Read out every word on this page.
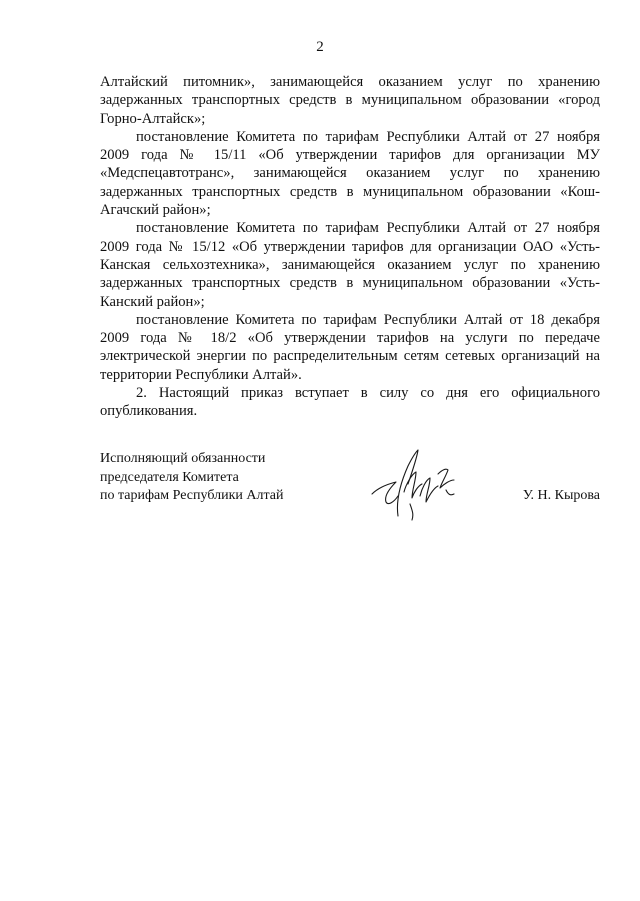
2

Алтайский питомник», занимающейся оказанием услуг по хранению задержанных транспортных средств в муниципальном образовании «город Горно-Алтайск»;

постановление Комитета по тарифам Республики Алтай от 27 ноября 2009 года № 15/11 «Об утверждении тарифов для организации МУ «Медспецавтотранс», занимающейся оказанием услуг по хранению задержанных транспортных средств в муниципальном образовании «Кош-Агачский район»;

постановление Комитета по тарифам Республики Алтай от 27 ноября 2009 года № 15/12 «Об утверждении тарифов для организации ОАО «Усть-Канская сельхозтехника», занимающейся оказанием услуг по хранению задержанных транспортных средств в муниципальном образовании «Усть-Канский район»;

постановление Комитета по тарифам Республики Алтай от 18 декабря 2009 года № 18/2 «Об утверждении тарифов на услуги по передаче электрической энергии по распределительным сетям сетевых организаций на территории Республики Алтай».

2. Настоящий приказ вступает в силу со дня его официального опубликования.

Исполняющий обязанности
председателя Комитета
по тарифам Республики Алтай	У. Н. Кырова
